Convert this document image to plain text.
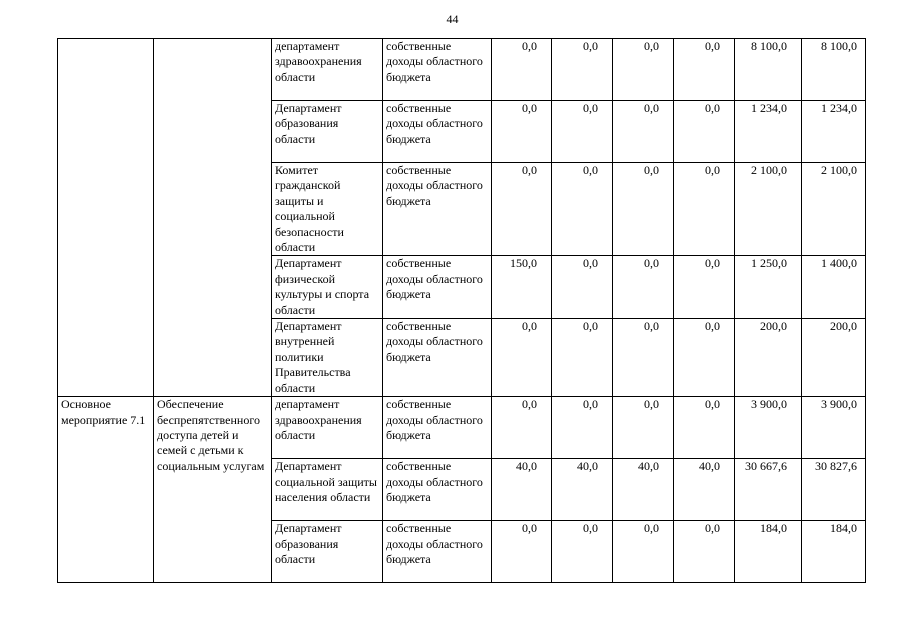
44
		департамент здравоохранения области	собственные доходы областного бюджета	0,0	0,0	0,0	0,0	8 100,0	8 100,0
		Департамент образования области	собственные доходы областного бюджета	0,0	0,0	0,0	0,0	1 234,0	1 234,0
		Комитет гражданской защиты и социальной безопасности области	собственные доходы областного бюджета	0,0	0,0	0,0	0,0	2 100,0	2 100,0
		Департамент физической культуры и спорта области	собственные доходы областного бюджета	150,0	0,0	0,0	0,0	1 250,0	1 400,0
		Департамент внутренней политики Правительства области	собственные доходы областного бюджета	0,0	0,0	0,0	0,0	200,0	200,0
Основное мероприятие 7.1	Обеспечение беспрепятственного доступа детей и семей с детьми к социальным услугам	департамент здравоохранения области	собственные доходы областного бюджета	0,0	0,0	0,0	0,0	3 900,0	3 900,0
		Департамент социальной защиты населения области	собственные доходы областного бюджета	40,0	40,0	40,0	40,0	30 667,6	30 827,6
		Департамент образования области	собственные доходы областного бюджета	0,0	0,0	0,0	0,0	184,0	184,0
